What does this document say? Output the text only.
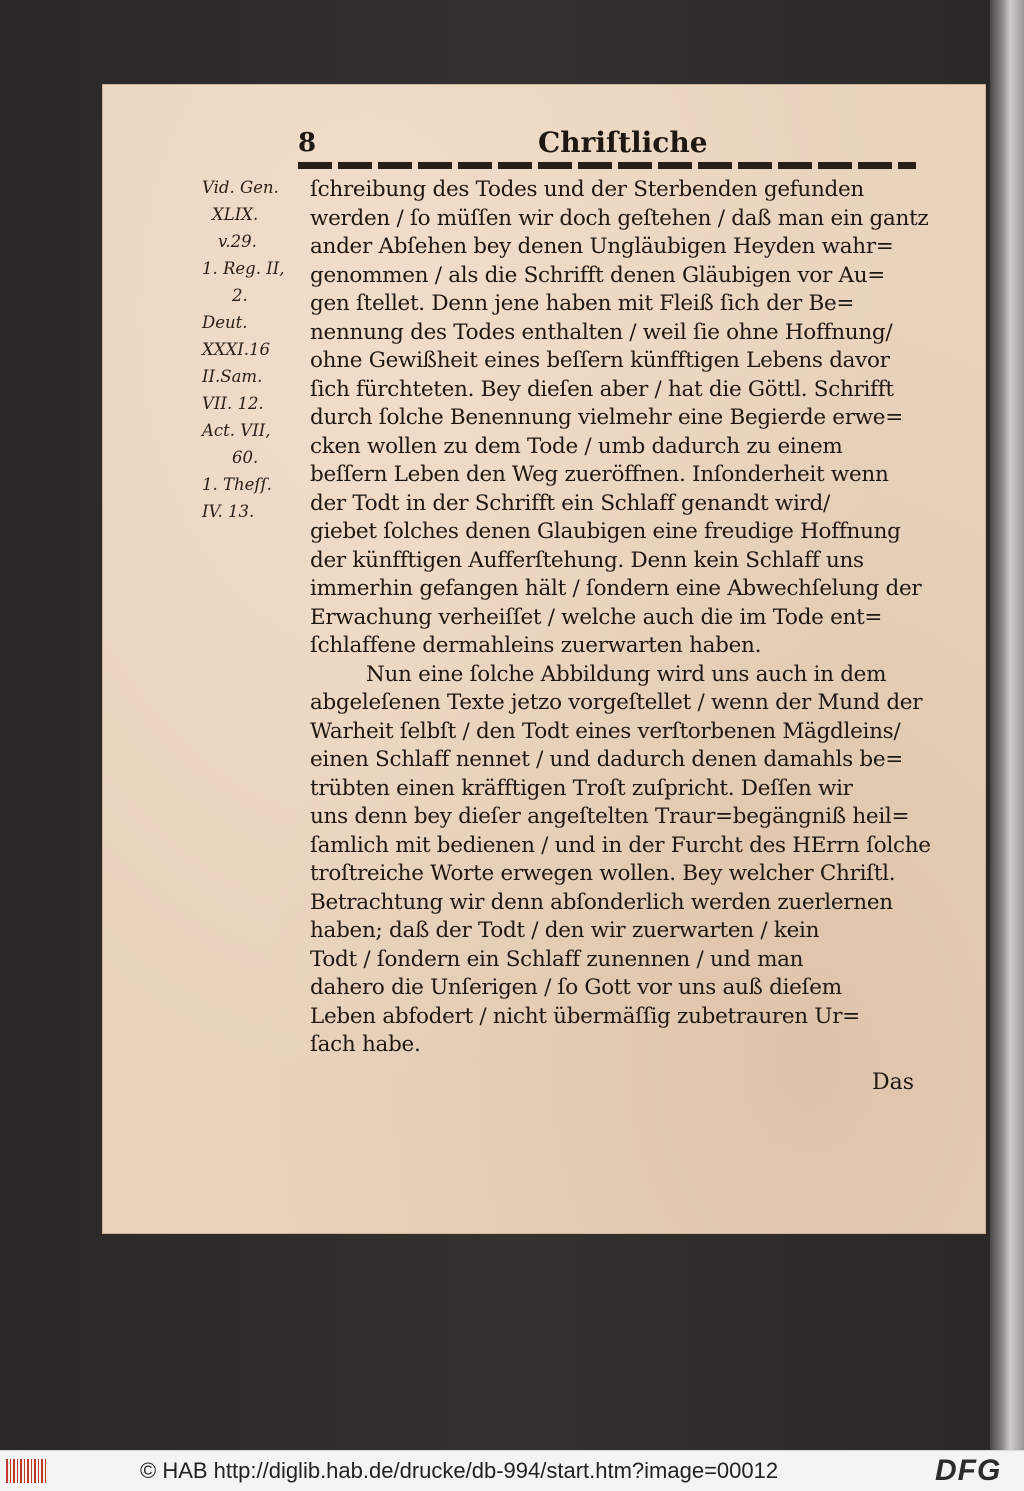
8	Chriſtliche
Vid. Gen.
XLIX.
v.29.
1. Reg. II,
2.
Deut.
XXXI.16
II.Sam.
VII. 12.
Act. VII,
60.
1. Theſſ.
IV. 13.
ſchreibung des Todes und der Sterbenden gefunden
werden / ſo müſſen wir doch geſtehen / daß man ein gantz
ander Abſehen bey denen Ungläubigen Heyden wahr=
genommen / als die Schrifft denen Gläubigen vor Au=
gen ſtellet. Denn jene haben mit Fleiß ſich der Be=
nennung des Todes enthalten / weil ſie ohne Hoffnung/
ohne Gewißheit eines beſſern künfftigen Lebens davor
ſich fürchteten. Bey dieſen aber / hat die Göttl. Schrifft
durch ſolche Benennung vielmehr eine Begierde erwe=
cken wollen zu dem Tode / umb dadurch zu einem
beſſern Leben den Weg zueröffnen. Inſonderheit wenn
der Todt in der Schrifft ein Schlaff genandt wird/
giebet ſolches denen Glaubigen eine freudige Hoffnung
der künfftigen Aufferſtehung. Denn kein Schlaff uns
immerhin gefangen hält / ſondern eine Abwechſelung der
Erwachung verheiſſet / welche auch die im Tode ent=
ſchlaffene dermahleins zuerwarten haben.
Nun eine ſolche Abbildung wird uns auch in dem
abgeleſenen Texte jetzo vorgeſtellet / wenn der Mund der
Warheit ſelbſt / den Todt eines verſtorbenen Mägdleins/
einen Schlaff nennet / und dadurch denen damahls be=
trübten einen kräfftigen Troſt zuſpricht. Deſſen wir
uns denn bey dieſer angeſtelten Traur=begängniß heil=
ſamlich mit bedienen / und in der Furcht des HErrn ſolche
troſtreiche Worte erwegen wollen. Bey welcher Chriſtl.
Betrachtung wir denn abſonderlich werden zuerlernen
haben; daß der Todt / den wir zuerwarten / kein
Todt / ſondern ein Schlaff zunennen / und man
dahero die Unſerigen / ſo Gott vor uns auß dieſem
Leben abfodert / nicht übermäſſig zubetrauren Ur=
ſach habe.
Das
© HAB http://diglib.hab.de/drucke/db-994/start.htm?image=00012	DFG
